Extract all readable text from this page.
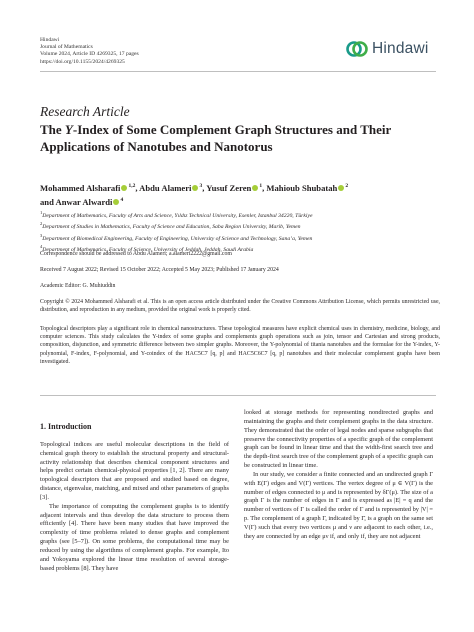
Hindawi
Journal of Mathematics
Volume 2024, Article ID 4269325, 17 pages
https://doi.org/10.1155/2024/4269325
Hindawi
Research Article
The Y-Index of Some Complement Graph Structures and Their Applications of Nanotubes and Nanotorus
Mohammed Alsharafi $^{1,2}$, Abdu Alameri $^3$, Yusuf Zeren $^1$, Mahioub Shubatah $^2$
and Anwar Alwardi $^4$
$^1$Department of Mathematics, Faculty of Arts and Science, Yıldız Technical University, Esenler, Istanbul 34220, Türkiye
$^2$Department of Studies in Mathematics, Faculty of Science and Education, Saba Region University, Marib, Yemen
$^3$Department of Biomedical Engineering, Faculty of Engineering, University of Science and Technology, Sana’a, Yemen
$^4$Department of Mathematics, Faculty of Science, University of Jeddah, Jeddah, Saudi Arabia
Correspondence should be addressed to Abdu Alameri; a.alameri2222@gmail.com
Received 7 August 2022; Revised 15 October 2022; Accepted 5 May 2023; Published 17 January 2024
Academic Editor: G. Muhiuddin
Copyright © 2024 Mohammed Alsharafi et al. This is an open access article distributed under the Creative Commons Attribution License, which permits unrestricted use, distribution, and reproduction in any medium, provided the original work is properly cited.
Topological descriptors play a significant role in chemical nanostructures. These topological measures have explicit chemical uses in chemistry, medicine, biology, and computer sciences. This study calculates the Y-index of some graphs and complements graph operations such as join, tensor and Cartesian and strong products, composition, disjunction, and symmetric difference between two simpler graphs. Moreover, the Y-polynomial of titania nanotubes and the formulae for the Y-index, Y-polynomial, F-index, F-polynomial, and Y-coindex of the HAC5C7 [q, p] and HAC5C6C7 [q, p] nanotubes and their molecular complement graphs have been investigated.
1. Introduction

Topological indices are useful molecular descriptions in the field of chemical graph theory to establish the structural property and structural-activity relationship that describes chemical component structures and helps predict certain chemical-physical properties [1, 2]. There are many topological descriptors that are proposed and studied based on degree, distance, eigenvalue, matching, and mixed and other parameters of graphs [3].

The importance of computing the complement graphs is to identify adjacent intervals and thus develop the data structure to process them efficiently [4]. There have been many studies that have improved the complexity of time problems related to dense graphs and complement graphs (see [5–7]). On some problems, the computational time may be reduced by using the algorithms of complement graphs. For example, Ito and Yokoyama explored the linear time resolution of several storage-based problems [8]. They have

looked at storage methods for representing nondirected graphs and maintaining the graphs and their complement graphs in the data structure. They demonstrated that the order of legal nodes and sparse subgraphs that preserve the connectivity properties of a specific graph of the complement graph can be found in linear time and that the width-first search tree and the depth-first search tree of the complement graph of a specific graph can be constructed in linear time.

In our study, we consider a finite connected and an undirected graph Γ with E(Γ) edges and V(Γ) vertices. The vertex degree of μ ∈ V(Γ) is the number of edges connected to μ and is represented by δΓ(μ). The size of a graph Γ is the number of edges in Γ and is expressed as |E| = q and the number of vertices of Γ is called the order of Γ and is represented by |V| = p. The complement of a graph Γ, indicated by Γ̄, is a graph on the same set V(Γ) such that every two vertices μ and ν are adjacent to each other, i.e., they are connected by an edge μν if, and only if, they are not adjacent
